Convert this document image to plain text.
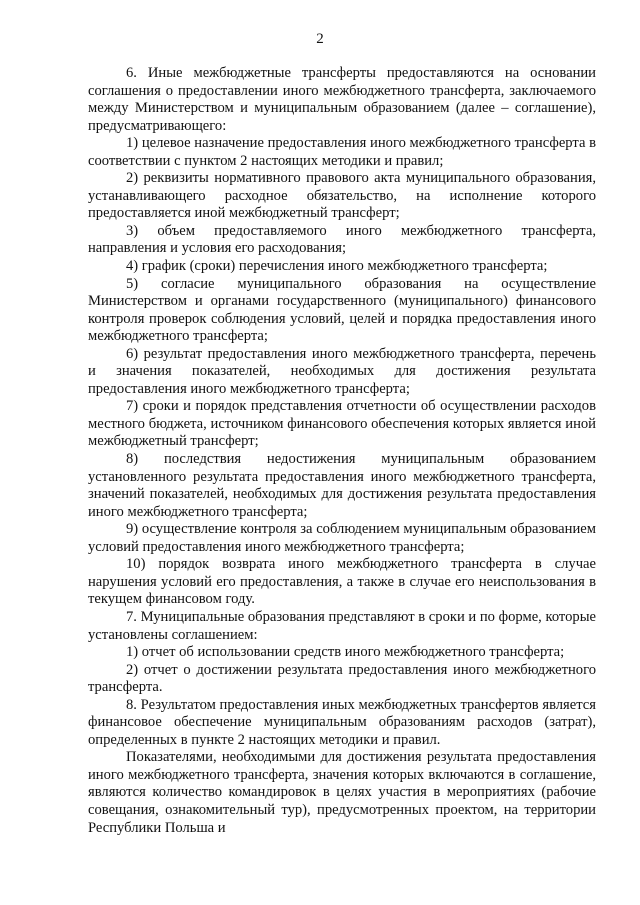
2

6. Иные межбюджетные трансферты предоставляются на основании соглашения о предоставлении иного межбюджетного трансферта, заключаемого между Министерством и муниципальным образованием (далее – соглашение), предусматривающего:

1) целевое назначение предоставления иного межбюджетного трансферта в соответствии с пунктом 2 настоящих методики и правил;

2) реквизиты нормативного правового акта муниципального образования, устанавливающего расходное обязательство, на исполнение которого предоставляется иной межбюджетный трансферт;

3) объем предоставляемого иного межбюджетного трансферта, направления и условия его расходования;

4) график (сроки) перечисления иного межбюджетного трансферта;

5) согласие муниципального образования на осуществление Министерством и органами государственного (муниципального) финансового контроля проверок соблюдения условий, целей и порядка предоставления иного межбюджетного трансферта;

6) результат предоставления иного межбюджетного трансферта, перечень и значения показателей, необходимых для достижения результата предоставления иного межбюджетного трансферта;

7) сроки и порядок представления отчетности об осуществлении расходов местного бюджета, источником финансового обеспечения которых является иной межбюджетный трансферт;

8) последствия недостижения муниципальным образованием установленного результата предоставления иного межбюджетного трансферта, значений показателей, необходимых для достижения результата предоставления иного межбюджетного трансферта;

9) осуществление контроля за соблюдением муниципальным образованием условий предоставления иного межбюджетного трансферта;

10) порядок возврата иного межбюджетного трансферта в случае нарушения условий его предоставления, а также в случае его неиспользования в текущем финансовом году.

7. Муниципальные образования представляют в сроки и по форме, которые установлены соглашением:

1) отчет об использовании средств иного межбюджетного трансферта;

2) отчет о достижении результата предоставления иного межбюджетного трансферта.

8. Результатом предоставления иных межбюджетных трансфертов является финансовое обеспечение муниципальным образованиям расходов (затрат), определенных в пункте 2 настоящих методики и правил.

Показателями, необходимыми для достижения результата предоставления иного межбюджетного трансферта, значения которых включаются в соглашение, являются количество командировок в целях участия в мероприятиях (рабочие совещания, ознакомительный тур), предусмотренных проектом, на территории Республики Польша и
